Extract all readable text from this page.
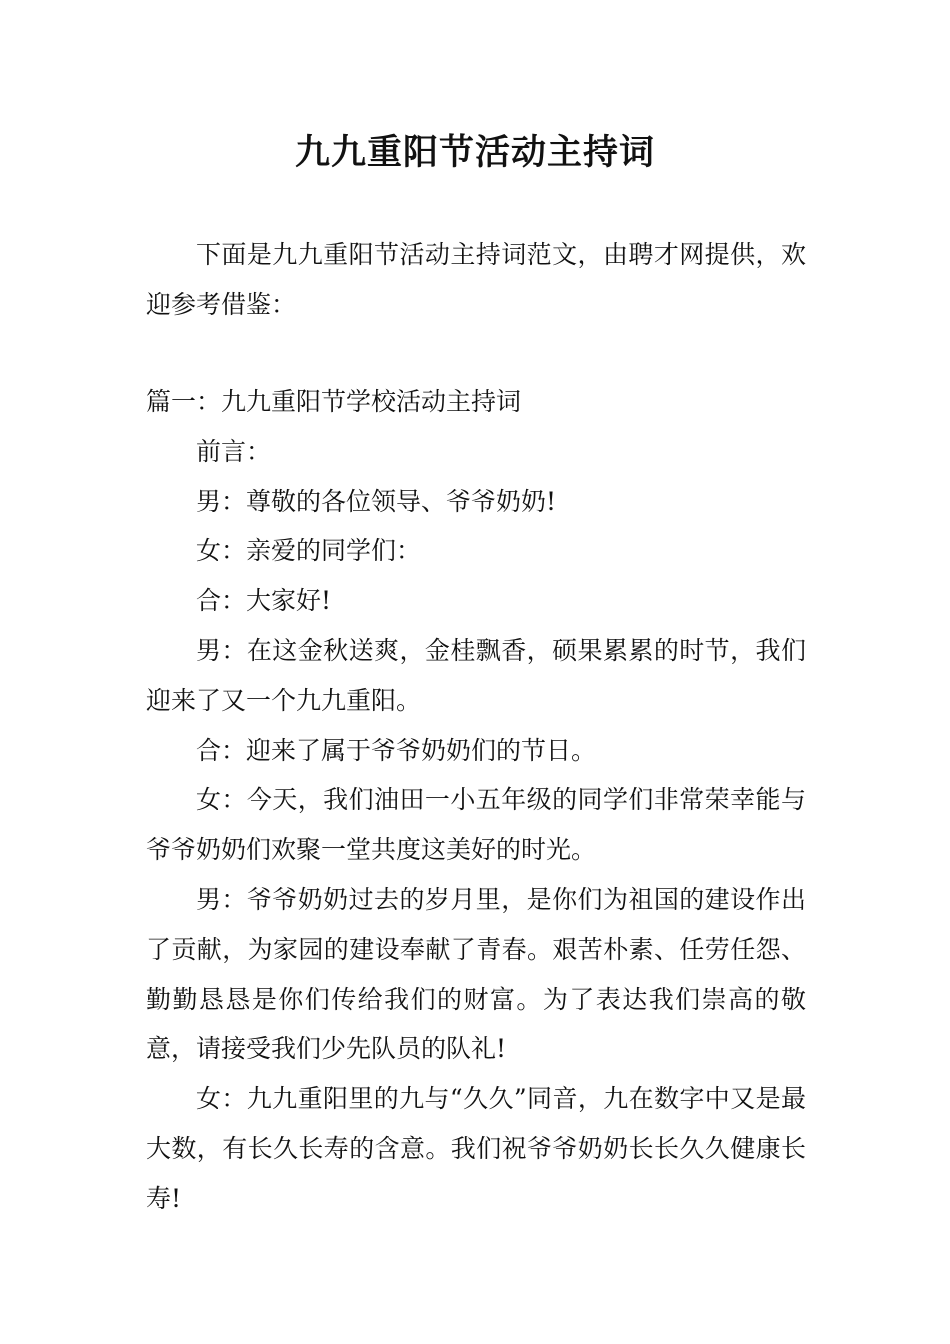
九九重阳节活动主持词

下面是九九重阳节活动主持词范文，由聘才网提供，欢迎参考借鉴：

篇一：九九重阳节学校活动主持词

前言：

男：尊敬的各位领导、爷爷奶奶!

女：亲爱的同学们：

合：大家好!

男：在这金秋送爽，金桂飘香，硕果累累的时节，我们迎来了又一个九九重阳。

合：迎来了属于爷爷奶奶们的节日。

女：今天，我们油田一小五年级的同学们非常荣幸能与爷爷奶奶们欢聚一堂共度这美好的时光。

男：爷爷奶奶过去的岁月里，是你们为祖国的建设作出了贡献，为家园的建设奉献了青春。艰苦朴素、任劳任怨、勤勤恳恳是你们传给我们的财富。为了表达我们崇高的敬意，请接受我们少先队员的队礼!

女：九九重阳里的九与“久久”同音，九在数字中又是最大数，有长久长寿的含意。我们祝爷爷奶奶长长久久健康长寿!
